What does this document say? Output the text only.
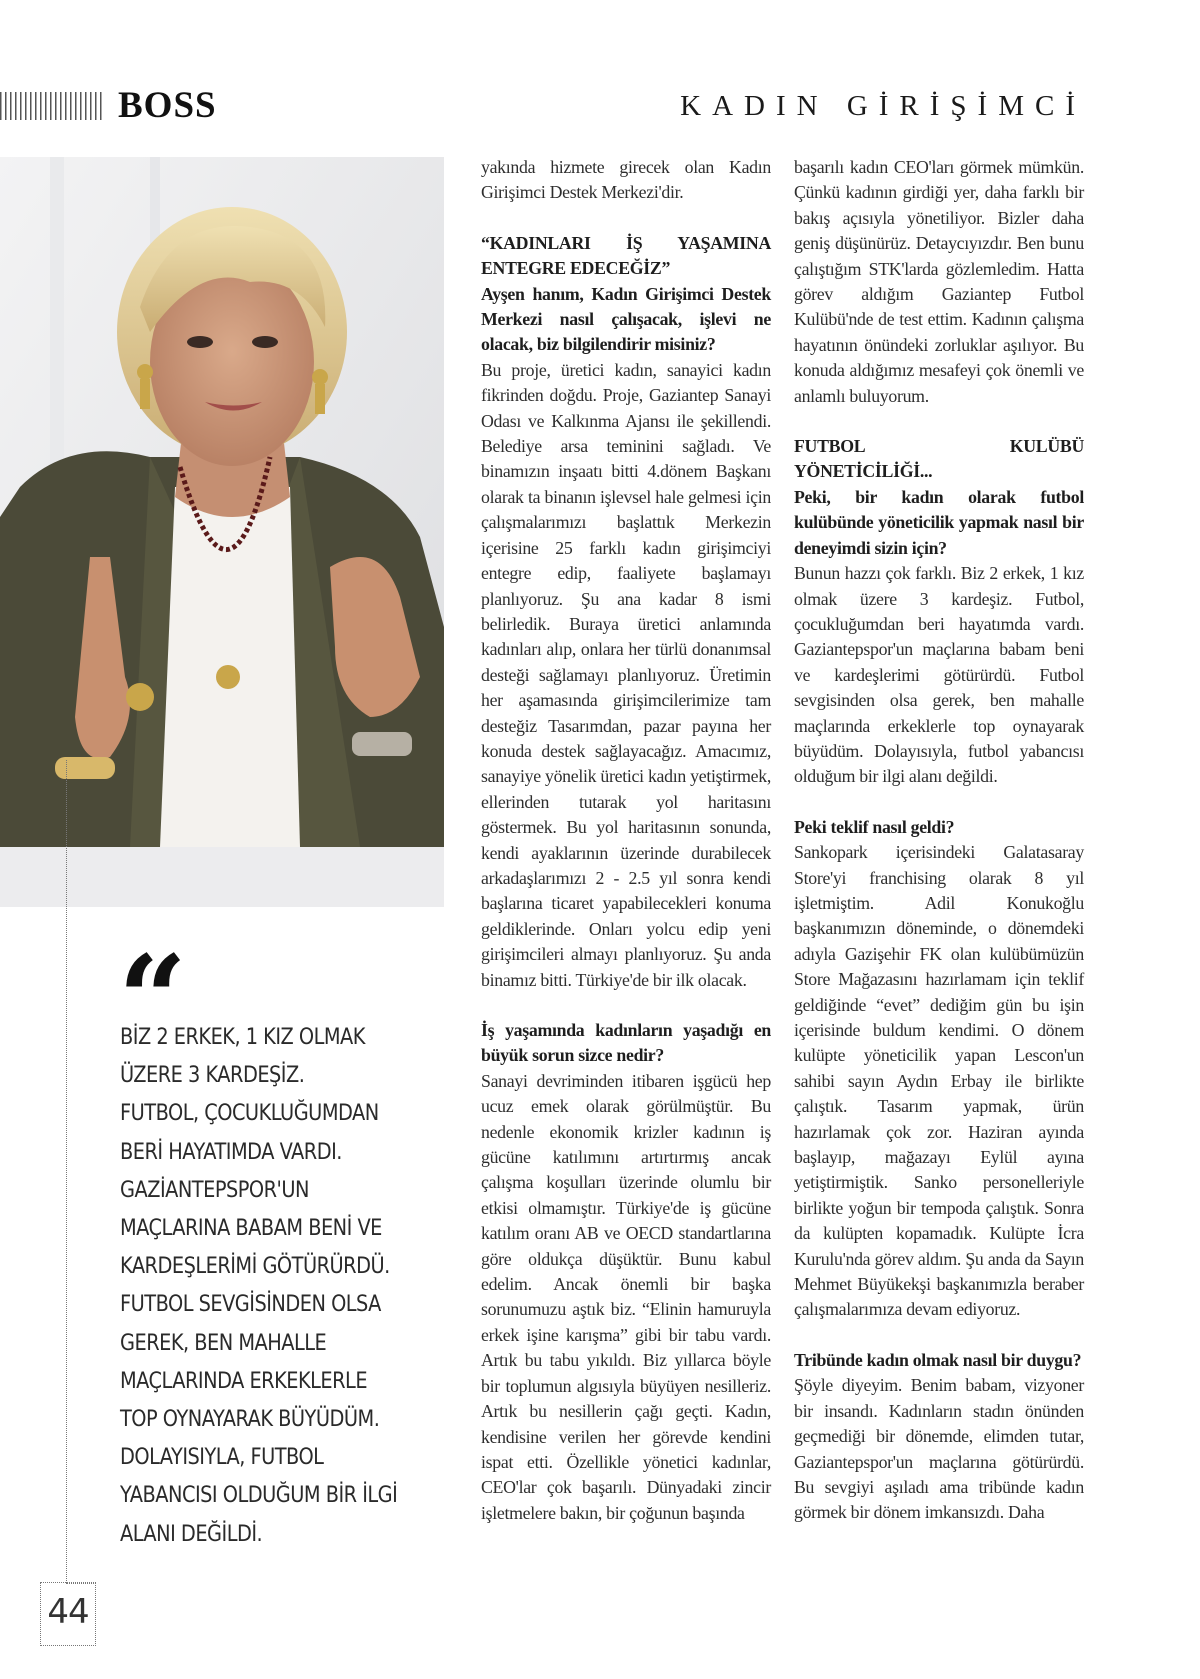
BOSS	KADIN GİRİŞİMCİ
“
BİZ 2 ERKEK, 1 KIZ OLMAK
ÜZERE 3 KARDEŞİZ.
FUTBOL, ÇOCUKLUĞUMDAN
BERİ HAYATIMDA VARDI.
GAZİANTEPSPOR'UN
MAÇLARINA BABAM BENİ VE
KARDEŞLERİMİ GÖTÜRÜRDÜ.
FUTBOL SEVGİSİNDEN OLSA
GEREK, BEN MAHALLE
MAÇLARINDA ERKEKLERLE
TOP OYNAYARAK BÜYÜDÜM.
DOLAYISIYLA, FUTBOL
YABANCISI OLDUĞUM BİR İLGİ
ALANI DEĞİLDİ.
44

yakında hizmete girecek olan Kadın Girişimci Destek Merkezi'dir.

“KADINLARI İŞ YAŞAMINA ENTEGRE EDECEĞİZ”

Ayşen hanım, Kadın Girişimci Destek Merkezi nasıl çalışacak, işlevi ne olacak, biz bilgilendirir misiniz?

Bu proje, üretici kadın, sanayici kadın fikrinden doğdu. Proje, Gaziantep Sanayi Odası ve Kalkınma Ajansı ile şekillendi. Belediye arsa teminini sağladı. Ve binamızın inşaatı bitti 4.dönem Başkanı olarak ta binanın işlevsel hale gelmesi için çalışmalarımızı başlattık Merkezin içerisine 25 farklı kadın girişimciyi entegre edip, faaliyete başlamayı planlıyoruz. Şu ana kadar 8 ismi belirledik. Buraya üretici anlamında kadınları alıp, onlara her türlü donanımsal desteği sağlamayı planlıyoruz. Üretimin her aşamasında girişimcilerimize tam desteğiz Tasarımdan, pazar payına her konuda destek sağlayacağız. Amacımız, sanayiye yönelik üretici kadın yetiştirmek, ellerinden tutarak yol haritasını göstermek. Bu yol haritasının sonunda, kendi ayaklarının üzerinde durabilecek arkadaşlarımızı 2 - 2.5 yıl sonra kendi başlarına ticaret yapabilecekleri konuma geldiklerinde. Onları yolcu edip yeni girişimcileri almayı planlıyoruz. Şu anda binamız bitti. Türkiye'de bir ilk olacak.

İş yaşamında kadınların yaşadığı en büyük sorun sizce nedir?

Sanayi devriminden itibaren işgücü hep ucuz emek olarak görülmüştür. Bu nedenle ekonomik krizler kadının iş gücüne katılımını artırtırmış ancak çalışma koşulları üzerinde olumlu bir etkisi olmamıştır. Türkiye'de iş gücüne katılım oranı AB ve OECD standartlarına göre oldukça düşüktür. Bunu kabul edelim. Ancak önemli bir başka sorunumuzu aştık biz. “Elinin hamuruyla erkek işine karışma” gibi bir tabu vardı. Artık bu tabu yıkıldı. Biz yıllarca böyle bir toplumun algısıyla büyüyen nesilleriz. Artık bu nesillerin çağı geçti. Kadın, kendisine verilen her görevde kendini ispat etti. Özellikle yönetici kadınlar, CEO'lar çok başarılı. Dünyadaki zincir işletmelere bakın, bir çoğunun başında

başarılı kadın CEO'ları görmek mümkün. Çünkü kadının girdiği yer, daha farklı bir bakış açısıyla yönetiliyor. Bizler daha geniş düşünürüz. Detaycıyızdır. Ben bunu çalıştığım STK'larda gözlemledim. Hatta görev aldığım Gaziantep Futbol Kulübü'nde de test ettim. Kadının çalışma hayatının önündeki zorluklar aşılıyor. Bu konuda aldığımız mesafeyi çok önemli ve anlamlı buluyorum.

FUTBOL KULÜBÜ YÖNETİCİLİĞİ...

Peki, bir kadın olarak futbol kulübünde yöneticilik yapmak nasıl bir deneyimdi sizin için?

Bunun hazzı çok farklı. Biz 2 erkek, 1 kız olmak üzere 3 kardeşiz. Futbol, çocukluğumdan beri hayatımda vardı. Gaziantepspor'un maçlarına babam beni ve kardeşlerimi götürürdü. Futbol sevgisinden olsa gerek, ben mahalle maçlarında erkeklerle top oynayarak büyüdüm. Dolayısıyla, futbol yabancısı olduğum bir ilgi alanı değildi.

Peki teklif nasıl geldi?

Sankopark içerisindeki Galatasaray Store'yi franchising olarak 8 yıl işletmiştim. Adil Konukoğlu başkanımızın döneminde, o dönemdeki adıyla Gazişehir FK olan kulübümüzün Store Mağazasını hazırlamam için teklif geldiğinde “evet” dediğim gün bu işin içerisinde buldum kendimi. O dönem kulüpte yöneticilik yapan Lescon'un sahibi sayın Aydın Erbay ile birlikte çalıştık. Tasarım yapmak, ürün hazırlamak çok zor. Haziran ayında başlayıp, mağazayı Eylül ayına yetiştirmiştik. Sanko personelleriyle birlikte yoğun bir tempoda çalıştık. Sonra da kulüpten kopamadık. Kulüpte İcra Kurulu'nda görev aldım. Şu anda da Sayın Mehmet Büyükekşi başkanımızla beraber çalışmalarımıza devam ediyoruz.

Tribünde kadın olmak nasıl bir duygu?

Şöyle diyeyim. Benim babam, vizyoner bir insandı. Kadınların stadın önünden geçmediği bir dönemde, elimden tutar, Gaziantepspor'un maçlarına götürürdü. Bu sevgiyi aşıladı ama tribünde kadın görmek bir dönem imkansızdı. Daha
